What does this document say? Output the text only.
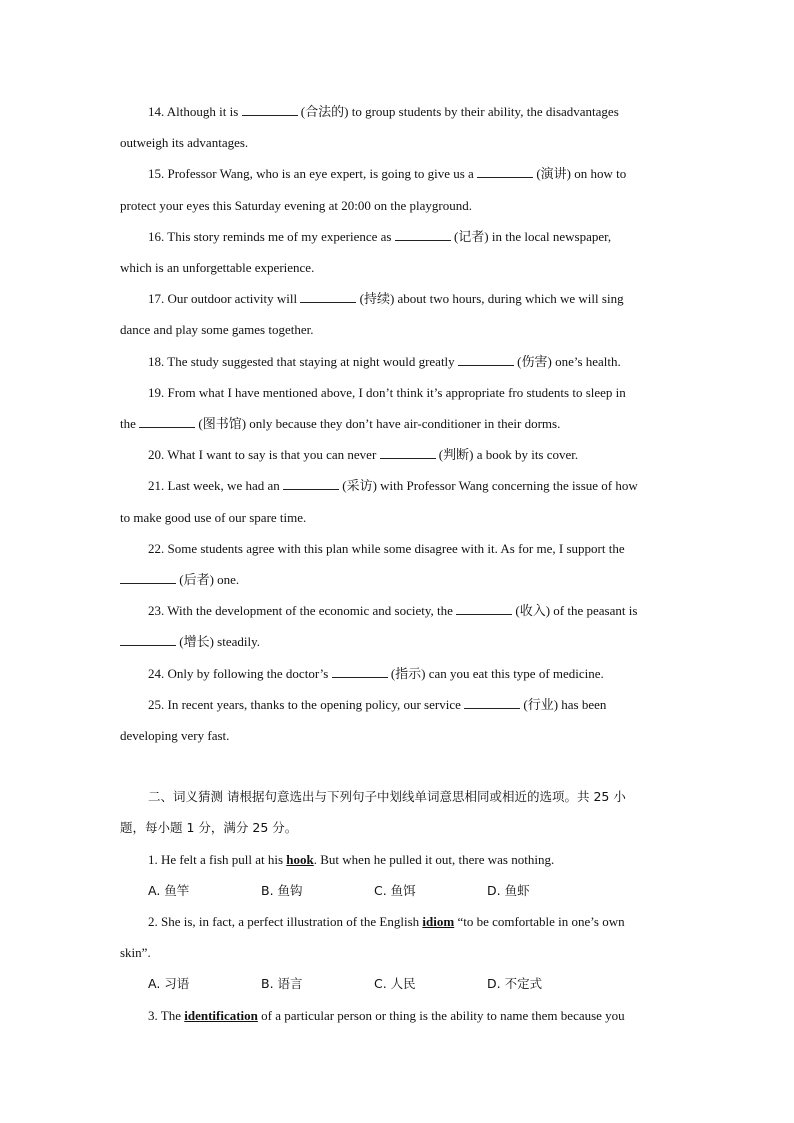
14. Although it is	(合法的) to group students by their ability, the disadvantages

outweigh its advantages.

15. Professor Wang, who is an eye expert, is going to give us a	(演讲) on how to

protect your eyes this Saturday evening at 20:00 on the playground.

16. This story reminds me of my experience as	(记者) in the local newspaper,

which is an unforgettable experience.

17. Our outdoor activity will	(持续) about two hours, during which we will sing

dance and play some games together.

18. The study suggested that staying at night would greatly	(伤害) one’s health.

19. From what I have mentioned above, I don’t think it’s appropriate fro students to sleep in

the	(图书馆) only because they don’t have air-conditioner in their dorms.

20. What I want to say is that you can never	(判断) a book by its cover.

21. Last week, we had an	(采访) with Professor Wang concerning the issue of how

to make good use of our spare time.

22. Some students agree with this plan while some disagree with it. As for me, I support the

(后者) one.

23. With the development of the economic and society, the	(收入) of the peasant is

(增长) steadily.

24. Only by following the doctor’s	(指示) can you eat this type of medicine.

25. In recent years, thanks to the opening policy, our service	(行业) has been

developing very fast.

二、词义猜测 请根据句意选出与下列句子中划线单词意思相同或相近的选项。共 25 小

题，每小题 1 分，满分 25 分。

1. He felt a fish pull at his hook. But when he pulled it out, there was nothing.

A. 鱼竿	B. 鱼钩	C. 鱼饵	D. 鱼虾

2. She is, in fact, a perfect illustration of the English idiom “to be comfortable in one’s own

skin”.

A. 习语	B. 语言	C. 人民	D. 不定式

3. The identification of a particular person or thing is the ability to name them because you
